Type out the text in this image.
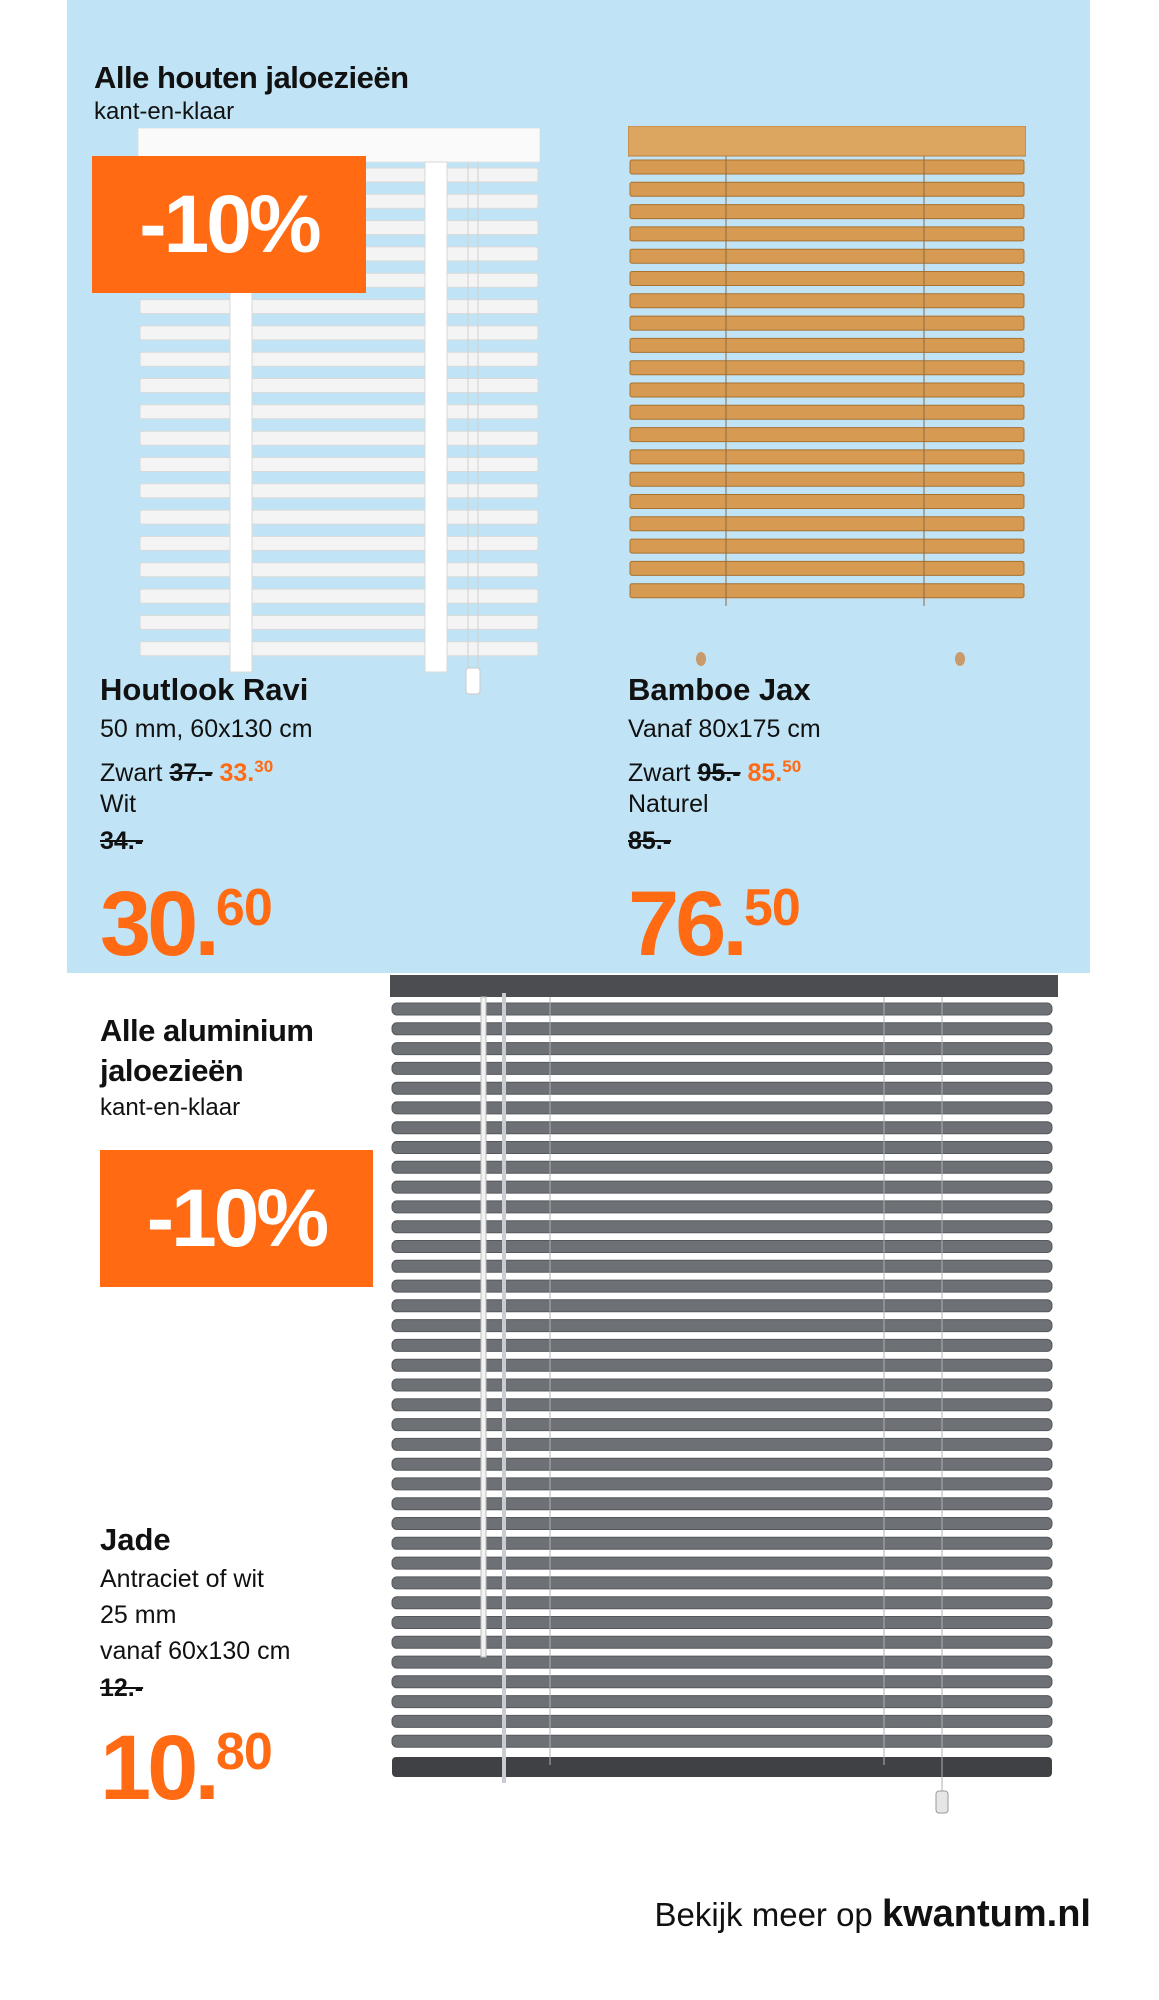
Alle houten jaloezieën
kant-en-klaar
-10%
Houtlook Ravi
50 mm, 60x130 cm
Zwart 37.- 33.30
Wit
34.-
30.60
Bamboe Jax
Vanaf 80x175 cm
Zwart 95.- 85.50
Naturel
85.-
76.50
Alle aluminium
jaloezieën
kant-en-klaar
-10%
Jade
Antraciet of wit
25 mm
vanaf 60x130 cm
12.-
10.80
Bekijk meer op kwantum.nl
